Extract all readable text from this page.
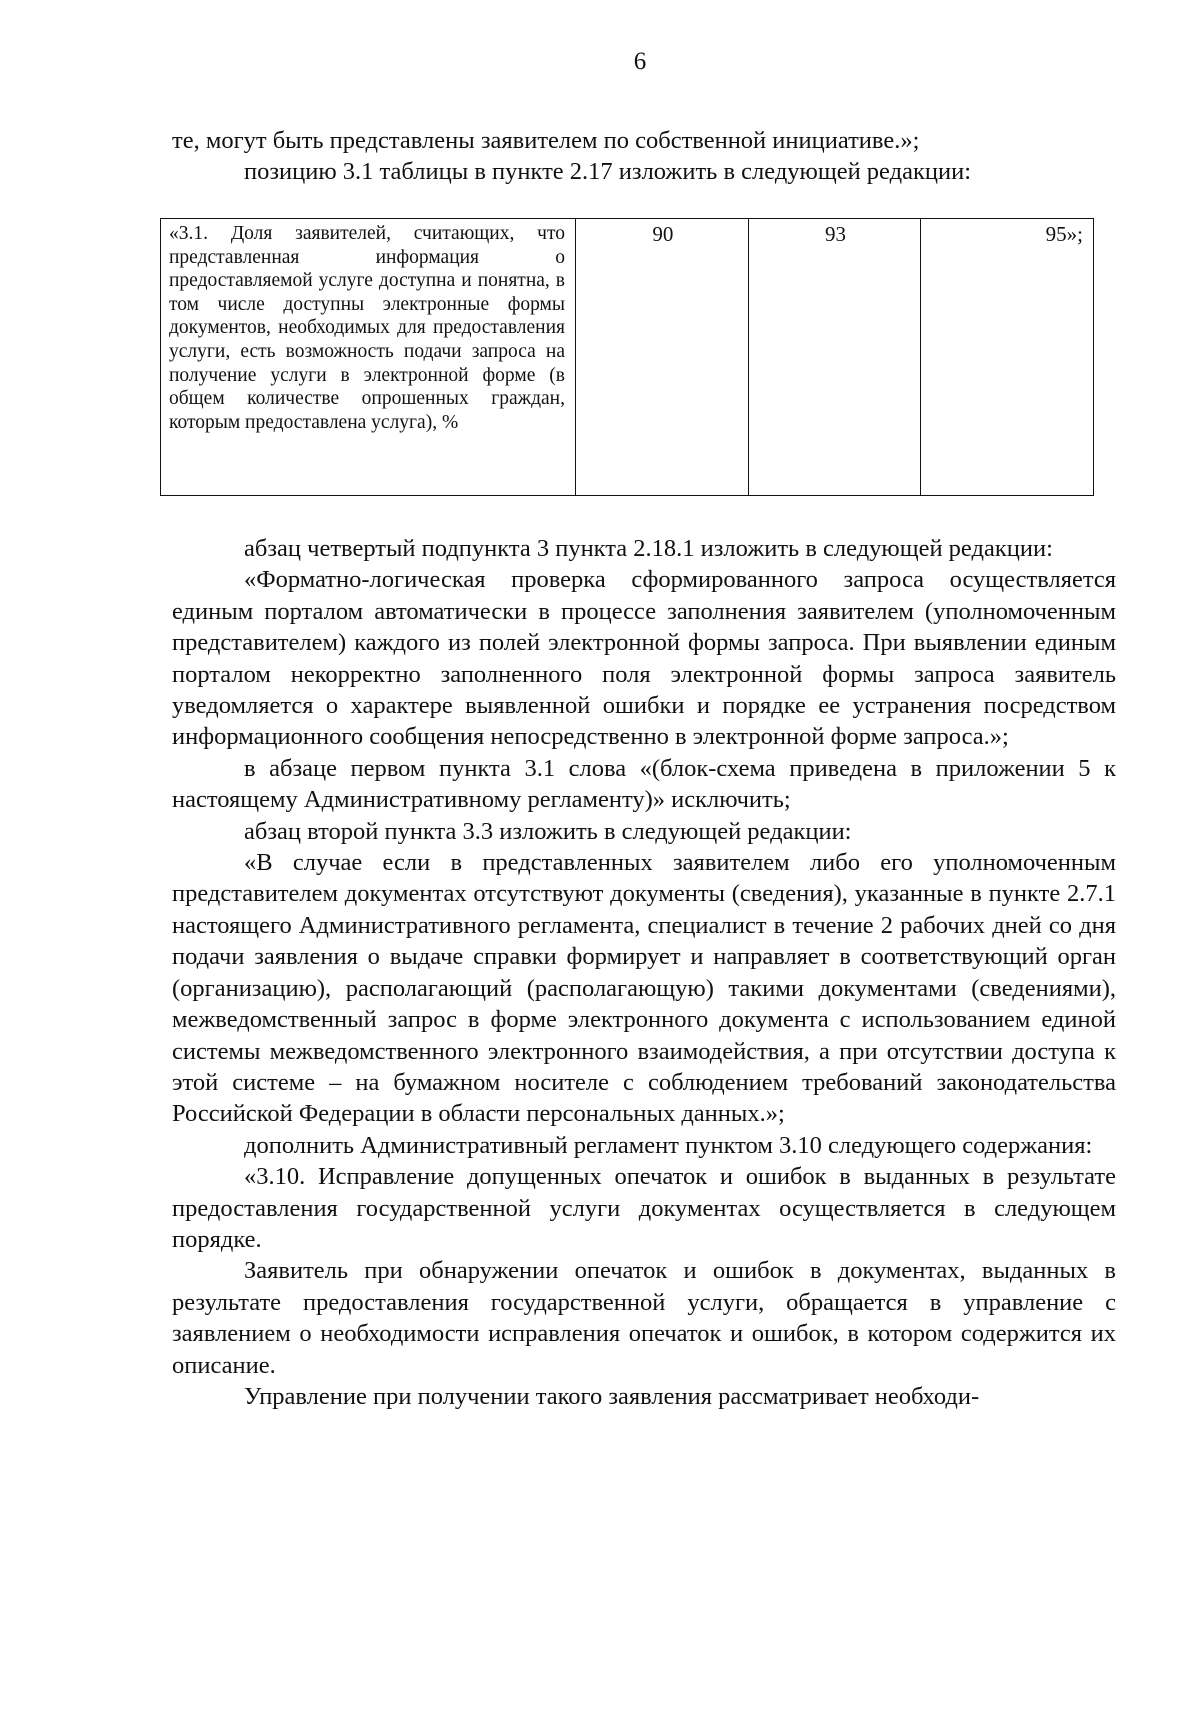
6

те, могут быть представлены заявителем по собственной инициативе.»;

позицию 3.1 таблицы в пункте 2.17 изложить в следующей редакции:

«3.1. Доля заявителей, считающих, что представленная информация о предоставляемой услуге доступна и понятна, в том числе доступны электронные формы документов, необходимых для предоставления услуги, есть возможность подачи запроса на получение услуги в электронной форме (в общем количестве опрошенных граждан, которым предоставлена услуга), %	90	93	95»;

абзац четвертый подпункта 3 пункта 2.18.1 изложить в следующей редакции:

«Форматно-логическая проверка сформированного запроса осуществляется единым порталом автоматически в процессе заполнения заявителем (уполномоченным представителем) каждого из полей электронной формы запроса. При выявлении единым порталом некорректно заполненного поля электронной формы запроса заявитель уведомляется о характере выявленной ошибки и порядке ее устранения посредством информационного сообщения непосредственно в электронной форме запроса.»;

в абзаце первом пункта 3.1 слова «(блок-схема приведена в приложении 5 к настоящему Административному регламенту)» исключить;

абзац второй пункта 3.3 изложить в следующей редакции:

«В случае если в представленных заявителем либо его уполномоченным представителем документах отсутствуют документы (сведения), указанные в пункте 2.7.1 настоящего Административного регламента, специалист в течение 2 рабочих дней со дня подачи заявления о выдаче справки формирует и направляет в соответствующий орган (организацию), располагающий (располагающую) такими документами (сведениями), межведомственный запрос в форме электронного документа с использованием единой системы межведомственного электронного взаимодействия, а при отсутствии доступа к этой системе – на бумажном носителе с соблюдением требований законодательства Российской Федерации в области персональных данных.»;

дополнить Административный регламент пунктом 3.10 следующего содержания:

«3.10. Исправление допущенных опечаток и ошибок в выданных в результате предоставления государственной услуги документах осуществляется в следующем порядке.

Заявитель при обнаружении опечаток и ошибок в документах, выданных в результате предоставления государственной услуги, обращается в управление с заявлением о необходимости исправления опечаток и ошибок, в котором содержится их описание.

Управление при получении такого заявления рассматривает необходи-
